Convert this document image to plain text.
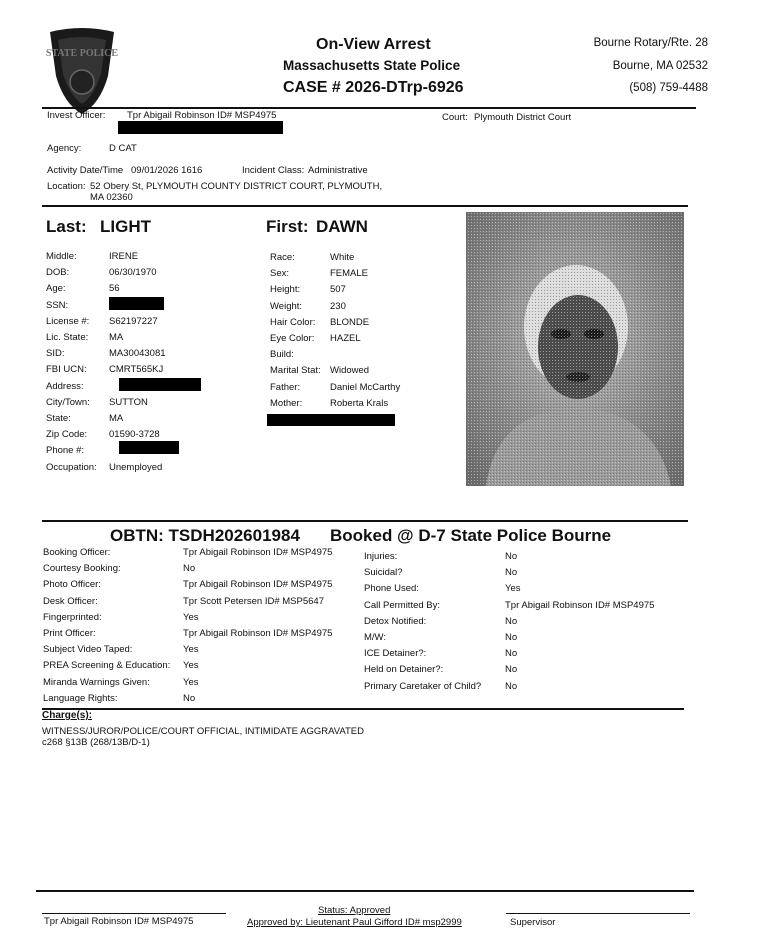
STATE POLICE
On-View Arrest
Massachusetts State Police
CASE # 2026-DTrp-6926
Bourne Rotary/Rte. 28
Bourne, MA 02532
(508) 759-4488
Invest Officer: Tpr Abigail Robinson ID# MSP4975	Court: Plymouth District Court
Agency:	D CAT
Activity Date/Time 09/01/2026 1616	Incident Class: Administrative
Location: 52 Obery St, PLYMOUTH COUNTY DISTRICT COURT, PLYMOUTH,
MA 02360
Last: LIGHT	First: DAWN
Middle:	IRENE
DOB:	06/30/1970
Age:	56
SSN:
License #: S62197227
Lic. State: MA
SID:	MA30043081
FBI UCN: CMRT565KJ
Address:
City/Town: SUTTON
State:	MA
Zip Code: 01590-3728
Phone #:
Occupation: Unemployed
Race:	White
Sex:	FEMALE
Height:	507
Weight:	230
Hair Color: BLONDE
Eye Color: HAZEL
Build:
Marital Stat: Widowed
Father:	Daniel McCarthy
Mother:	Roberta Krals
OBTN: TSDH202601984 Booked @ D-7 State Police Bourne
Booking Officer:	Tpr Abigail Robinson ID# MSP4975
Courtesy Booking:	No
Photo Officer:	Tpr Abigail Robinson ID# MSP4975
Desk Officer:	Tpr Scott Petersen ID# MSP5647
Fingerprinted:	Yes
Print Officer:	Tpr Abigail Robinson ID# MSP4975
Subject Video Taped:	Yes
PREA Screening & Education: Yes
Miranda Warnings Given:	Yes
Language Rights:	No
Injuries:	No
Suicidal?	No
Phone Used:	Yes
Call Permitted By:	Tpr Abigail Robinson ID# MSP4975
Detox Notified:	No
M/W:	No
ICE Detainer?:	No
Held on Detainer?:	No
Primary Caretaker of Child?	No
Charge(s):
WITNESS/JUROR/POLICE/COURT OFFICIAL, INTIMIDATE AGGRAVATED
c268 §13B (268/13B/D-1)
Tpr Abigail Robinson ID# MSP4975
Status: Approved
Approved by: Lieutenant Paul Gifford ID# msp2999	Supervisor
